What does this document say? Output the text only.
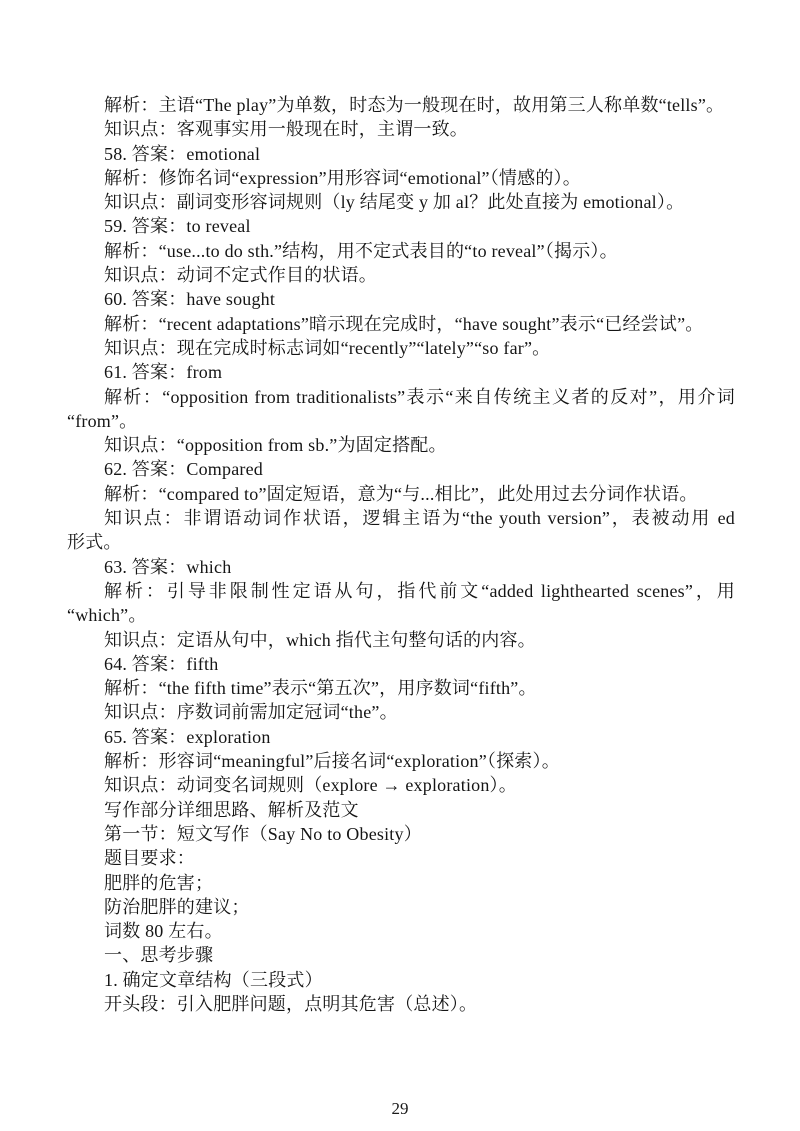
解析：主语“The play”为单数，时态为一般现在时，故用第三人称单数“tells”。
知识点：客观事实用一般现在时，主谓一致。
58. 答案：emotional
解析：修饰名词“expression”用形容词“emotional”（情感的）。
知识点：副词变形容词规则（ly 结尾变 y 加 al？此处直接为 emotional）。
59. 答案：to reveal
解析：“use...to do sth.”结构，用不定式表目的“to reveal”（揭示）。
知识点：动词不定式作目的状语。
60. 答案：have sought
解析：“recent adaptations”暗示现在完成时，“have sought”表示“已经尝试”。
知识点：现在完成时标志词如“recently”“lately”“so far”。
61. 答案：from
解析：“opposition from traditionalists”表示“来自传统主义者的反对”，用介词
“from”。
知识点：“opposition from sb.”为固定搭配。
62. 答案：Compared
解析：“compared to”固定短语，意为“与...相比”，此处用过去分词作状语。
知识点：非谓语动词作状语，逻辑主语为“the youth version”，表被动用 ed
形式。
63. 答案：which
解析：引导非限制性定语从句，指代前文“added lighthearted scenes”，用
“which”。
知识点：定语从句中，which 指代主句整句话的内容。
64. 答案：fifth
解析：“the fifth time”表示“第五次”，用序数词“fifth”。
知识点：序数词前需加定冠词“the”。
65. 答案：exploration
解析：形容词“meaningful”后接名词“exploration”（探索）。
知识点：动词变名词规则（explore → exploration）。
写作部分详细思路、解析及范文
第一节：短文写作（Say No to Obesity）
题目要求：
肥胖的危害；
防治肥胖的建议；
词数 80 左右。
一、思考步骤
1. 确定文章结构（三段式）
开头段：引入肥胖问题，点明其危害（总述）。
29
